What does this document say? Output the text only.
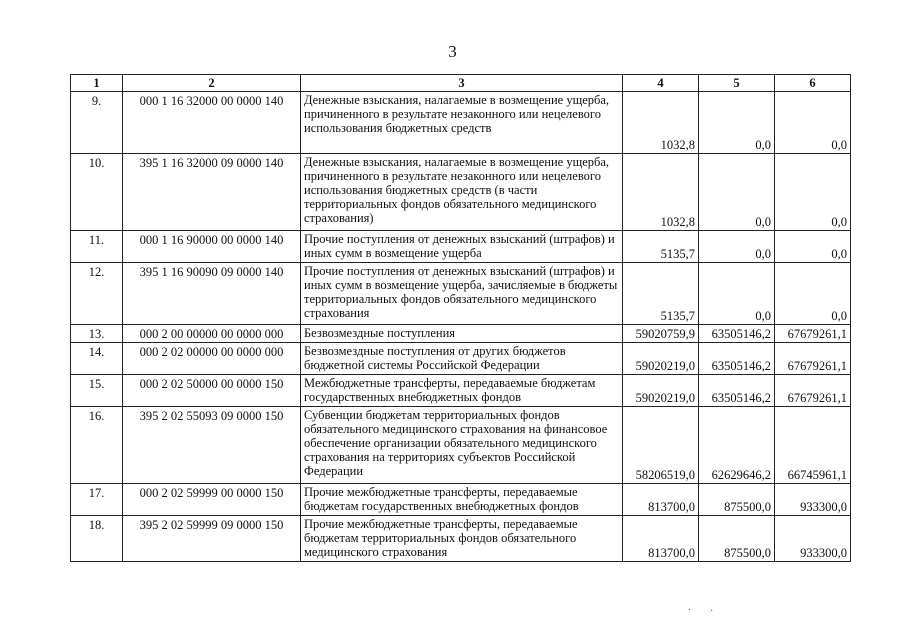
3
1	2	3	4	5	6
9.	000 1 16 32000 00 0000 140	Денежные взыскания, налагаемые в возмещение ущерба, причиненного в результате незаконного или нецелевого использования бюджетных средств	1032,8	0,0	0,0
10.	395 1 16 32000 09 0000 140	Денежные взыскания, налагаемые в возмещение ущерба, причиненного в результате незаконного или нецелевого использования бюджетных средств (в части территориальных фондов обязательного медицинского страхования)	1032,8	0,0	0,0
11.	000 1 16 90000 00 0000 140	Прочие поступления от денежных взысканий (штрафов) и иных сумм в возмещение ущерба	5135,7	0,0	0,0
12.	395 1 16 90090 09 0000 140	Прочие поступления от денежных взысканий (штрафов) и иных сумм в возмещение ущерба, зачисляемые в бюджеты территориальных фондов обязательного медицинского страхования	5135,7	0,0	0,0
13.	000 2 00 00000 00 0000 000	Безвозмездные поступления	59020759,9	63505146,2	67679261,1
14.	000 2 02 00000 00 0000 000	Безвозмездные поступления от других бюджетов бюджетной системы Российской Федерации	59020219,0	63505146,2	67679261,1
15.	000 2 02 50000 00 0000 150	Межбюджетные трансферты, передаваемые бюджетам государственных внебюджетных фондов	59020219,0	63505146,2	67679261,1
16.	395 2 02 55093 09 0000 150	Субвенции бюджетам территориальных фондов обязательного медицинского страхования на финансовое обеспечение организации обязательного медицинского страхования на территориях субъектов Российской Федерации	58206519,0	62629646,2	66745961,1
17.	000 2 02 59999 00 0000 150	Прочие межбюджетные трансферты, передаваемые бюджетам государственных внебюджетных фондов	813700,0	875500,0	933300,0
18.	395 2 02 59999 09 0000 150	Прочие межбюджетные трансферты, передаваемые бюджетам территориальных фондов обязательного медицинского страхования	813700,0	875500,0	933300,0
· ·
